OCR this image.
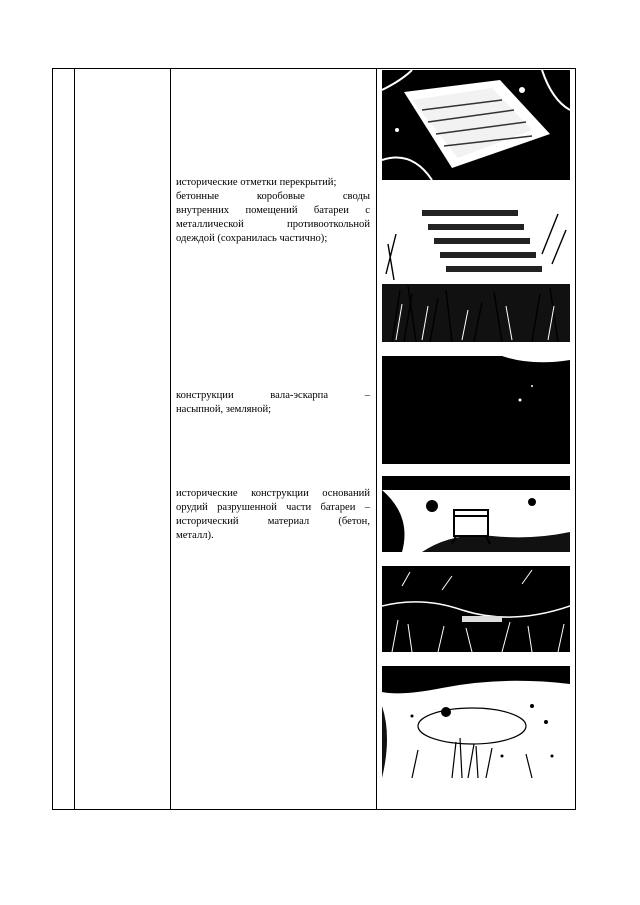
исторические отметки перекрытий;
бетонные коробовые своды
внутренних помещений батареи с
металлической противооткольной
одеждой (сохранилась частично);
конструкции вала-эскарпа –
насыпной, земляной;
исторические конструкции оснований
орудий разрушенной части батареи –
исторический материал (бетон,
металл).
